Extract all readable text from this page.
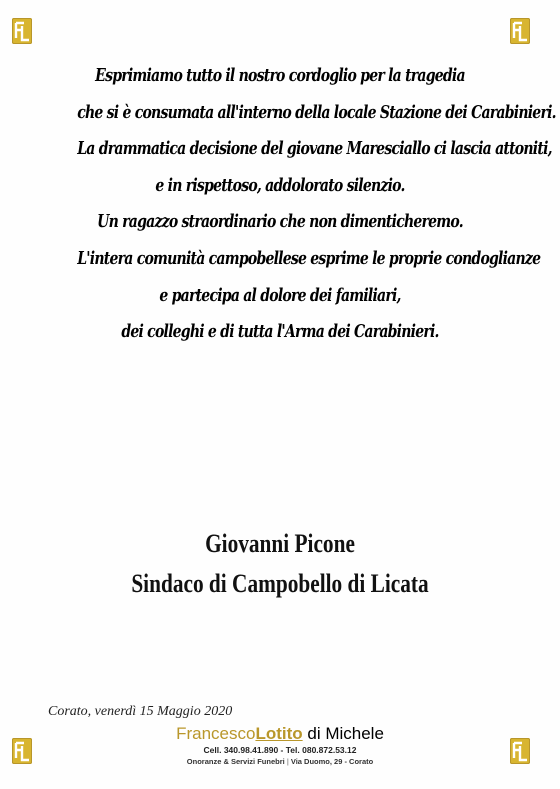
Esprimiamo tutto il nostro cordoglio per la tragedia
che si è consumata all'interno della locale Stazione dei Carabinieri.
La drammatica decisione del giovane Maresciallo ci lascia attoniti,
e in rispettoso, addolorato silenzio.
Un ragazzo straordinario che non dimenticheremo.
L'intera comunità campobellese esprime le proprie condoglianze
e partecipa al dolore dei familiari,
dei colleghi e di tutta l'Arma dei Carabinieri.
Giovanni Picone
Sindaco di Campobello di Licata
Corato, venerdì 15 Maggio 2020
FrancescoLotito di Michele
Cell. 340.98.41.890 - Tel. 080.872.53.12
Onoranze & Servizi Funebri | Via Duomo, 29 - Corato
